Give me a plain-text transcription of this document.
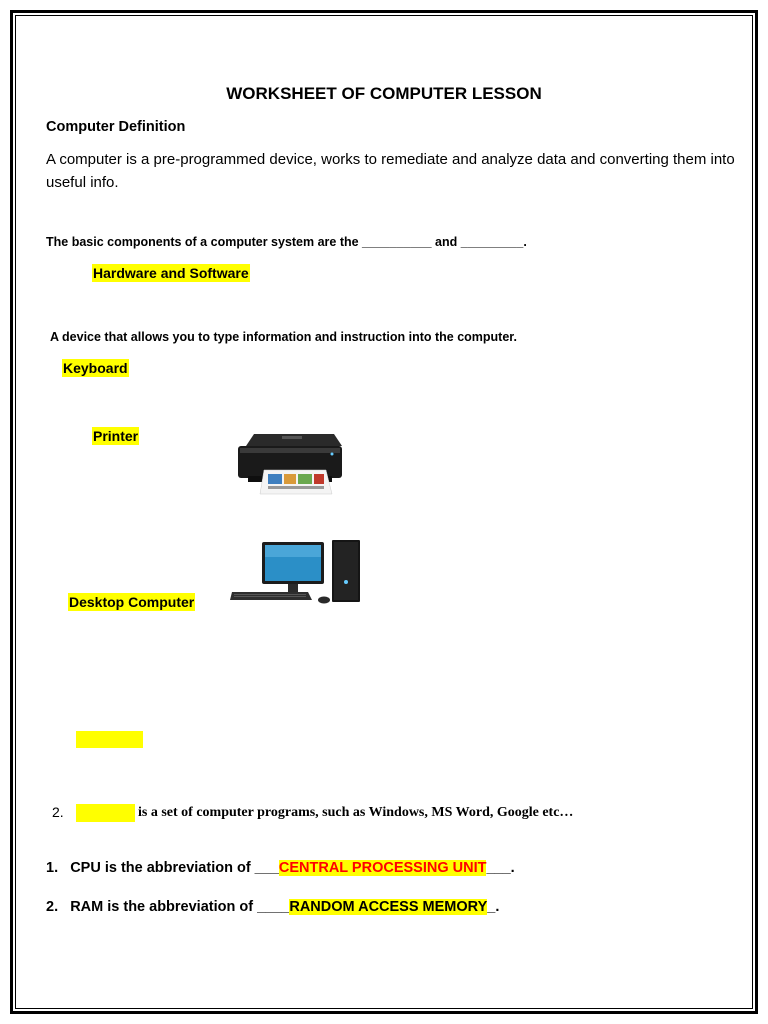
WORKSHEET OF COMPUTER LESSON
Computer Definition
A computer is a pre-programmed device, works to remediate and analyze data and converting them into useful info.
The basic components of a computer system are the __________ and _________.
Hardware and Software
A device that allows you to type information and instruction into the computer.
Keyboard
Printer
Desktop Computer
2.	is a set of computer programs, such as Windows, MS Word, Google etc…
1. CPU is the abbreviation of ___CENTRAL PROCESSING UNIT___.
2. RAM is the abbreviation of ____RANDOM ACCESS MEMORY_.
